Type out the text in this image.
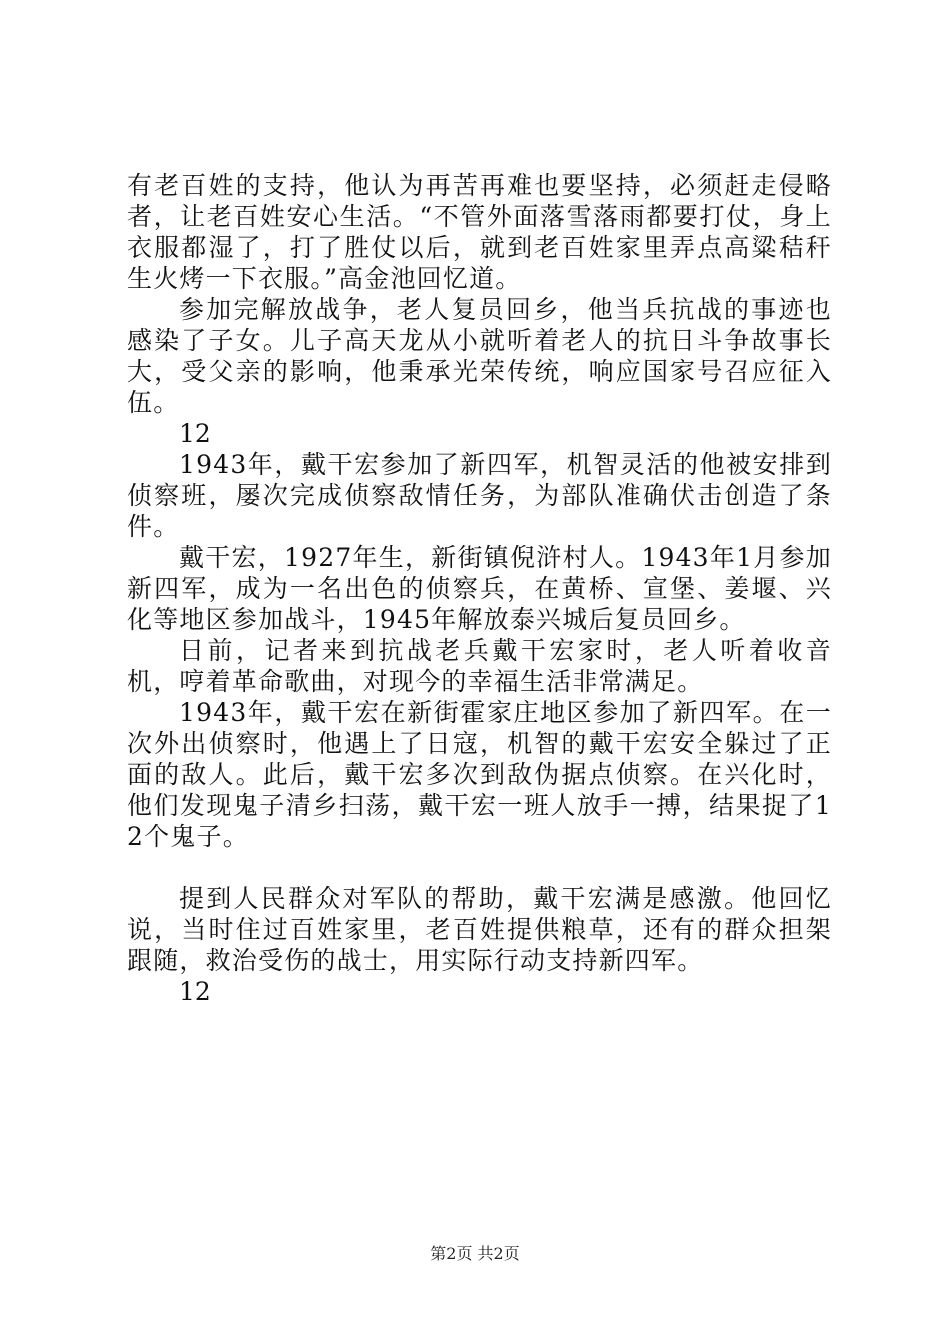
有老百姓的支持，他认为再苦再难也要坚持，必须赶走侵略者，让老百姓安心生活。“不管外面落雪落雨都要打仗，身上衣服都湿了，打了胜仗以后，就到老百姓家里弄点高粱秸秆生火烤一下衣服。”高金池回忆道。

参加完解放战争，老人复员回乡，他当兵抗战的事迹也感染了子女。儿子高天龙从小就听着老人的抗日斗争故事长大，受父亲的影响，他秉承光荣传统，响应国家号召应征入伍。

12

1943年，戴干宏参加了新四军，机智灵活的他被安排到侦察班，屡次完成侦察敌情任务，为部队准确伏击创造了条件。

戴干宏，1927年生，新街镇倪浒村人。1943年1月参加新四军，成为一名出色的侦察兵，在黄桥、宣堡、姜堰、兴化等地区参加战斗，1945年解放泰兴城后复员回乡。

日前，记者来到抗战老兵戴干宏家时，老人听着收音机，哼着革命歌曲，对现今的幸福生活非常满足。

1943年，戴干宏在新街霍家庄地区参加了新四军。在一次外出侦察时，他遇上了日寇，机智的戴干宏安全躲过了正面的敌人。此后，戴干宏多次到敌伪据点侦察。在兴化时，他们发现鬼子清乡扫荡，戴干宏一班人放手一搏，结果捉了12个鬼子。

提到人民群众对军队的帮助，戴干宏满是感激。他回忆说，当时住过百姓家里，老百姓提供粮草，还有的群众担架跟随，救治受伤的战士，用实际行动支持新四军。

12

第2页 共2页
